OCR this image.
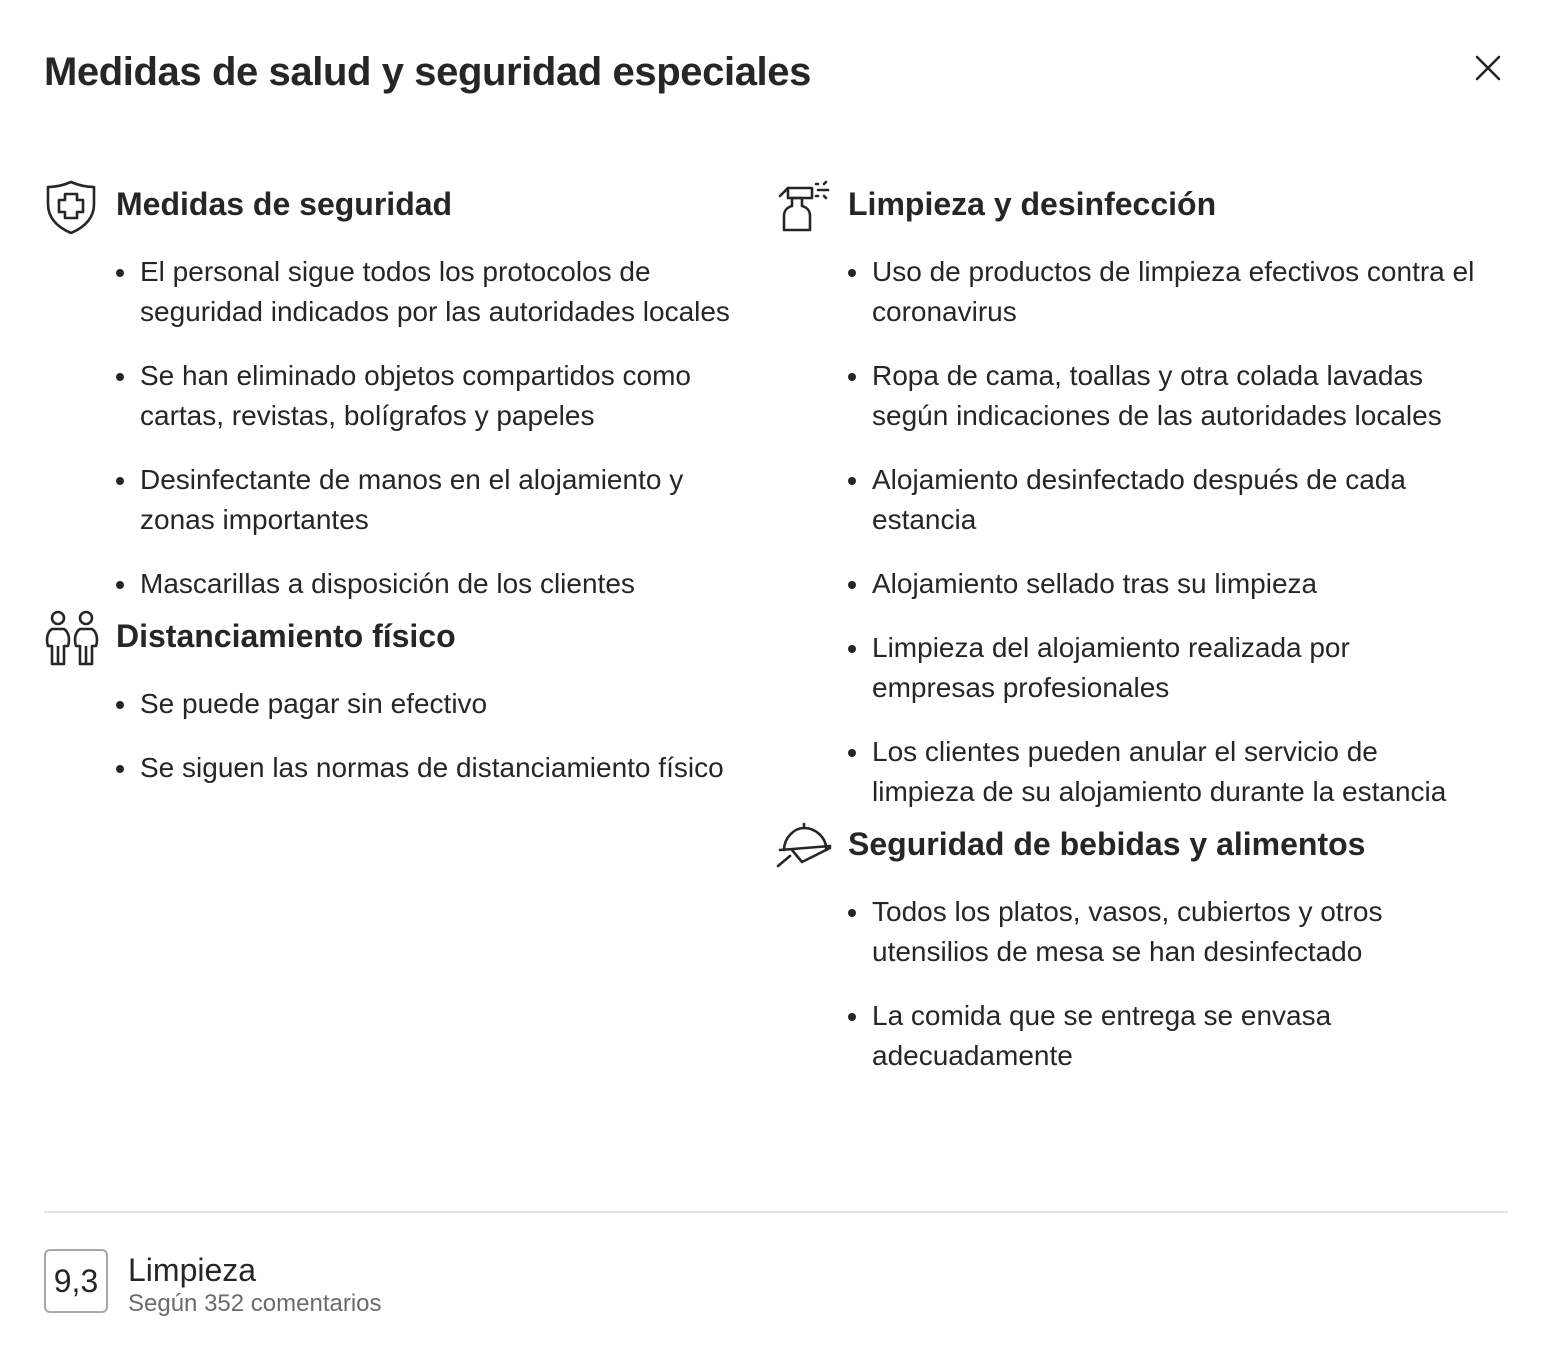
Medidas de salud y seguridad especiales
Medidas de seguridad
El personal sigue todos los protocolos de seguridad indicados por las autoridades locales
Se han eliminado objetos compartidos como cartas, revistas, bolígrafos y papeles
Desinfectante de manos en el alojamiento y zonas importantes
Mascarillas a disposición de los clientes
Distanciamiento físico
Se puede pagar sin efectivo
Se siguen las normas de distanciamiento físico
Limpieza y desinfección
Uso de productos de limpieza efectivos contra el coronavirus
Ropa de cama, toallas y otra colada lavadas según indicaciones de las autoridades locales
Alojamiento desinfectado después de cada estancia
Alojamiento sellado tras su limpieza
Limpieza del alojamiento realizada por empresas profesionales
Los clientes pueden anular el servicio de limpieza de su alojamiento durante la estancia
Seguridad de bebidas y alimentos
Todos los platos, vasos, cubiertos y otros utensilios de mesa se han desinfectado
La comida que se entrega se envasa adecuadamente
9,3 Limpieza
Según 352 comentarios
